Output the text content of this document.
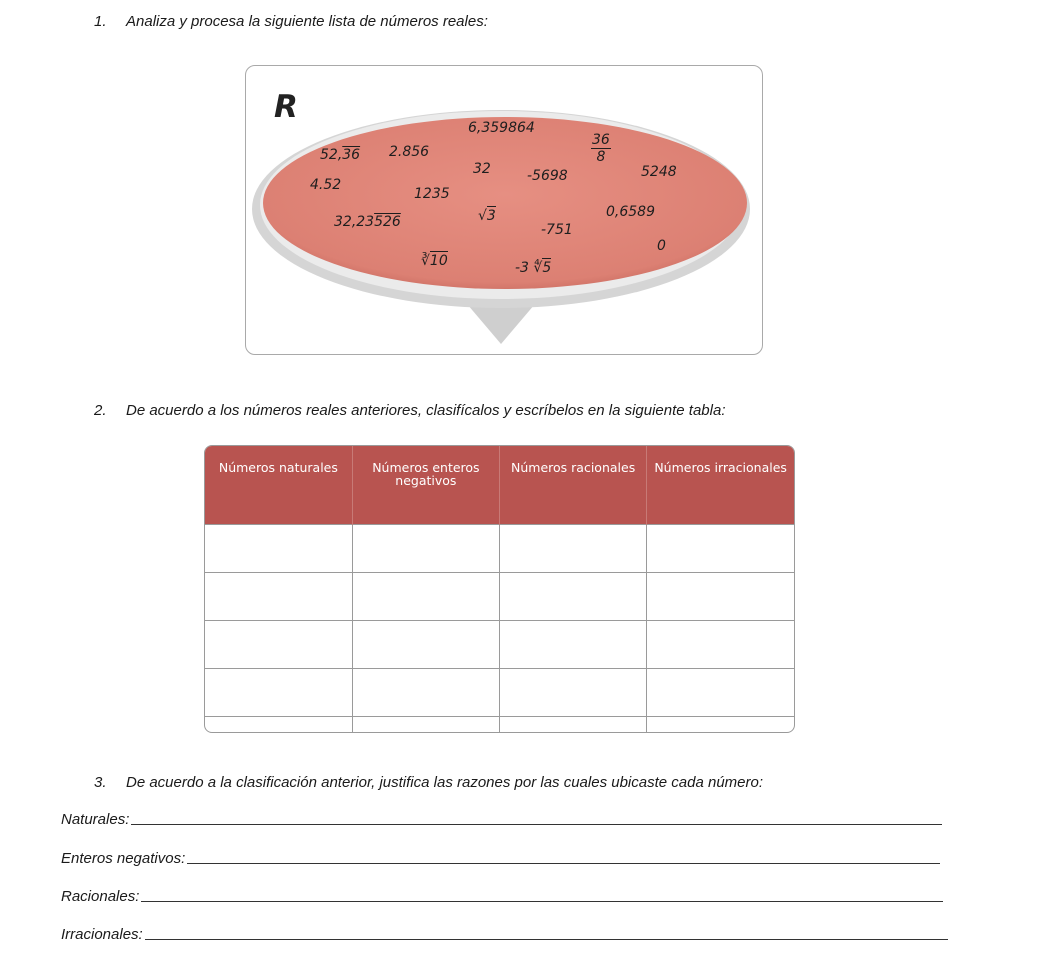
1. Analiza y procesa la siguiente lista de números reales:
R
6,359864
52,36 2.856	$\frac{36}{8}$
32	-5698	5248
4.52
1235
32,23526	√3
-751
0,6589
0
∛10	-3 ∜5
2. De acuerdo a los números reales anteriores, clasifícalos y escríbelos en la siguiente tabla:
Números naturales	Números enteros negativos	Números racionales	Números irracionales

3. De acuerdo a la clasificación anterior, justifica las razones por las cuales ubicaste cada número:
Naturales:
Enteros negativos:
Racionales:
Irracionales:
